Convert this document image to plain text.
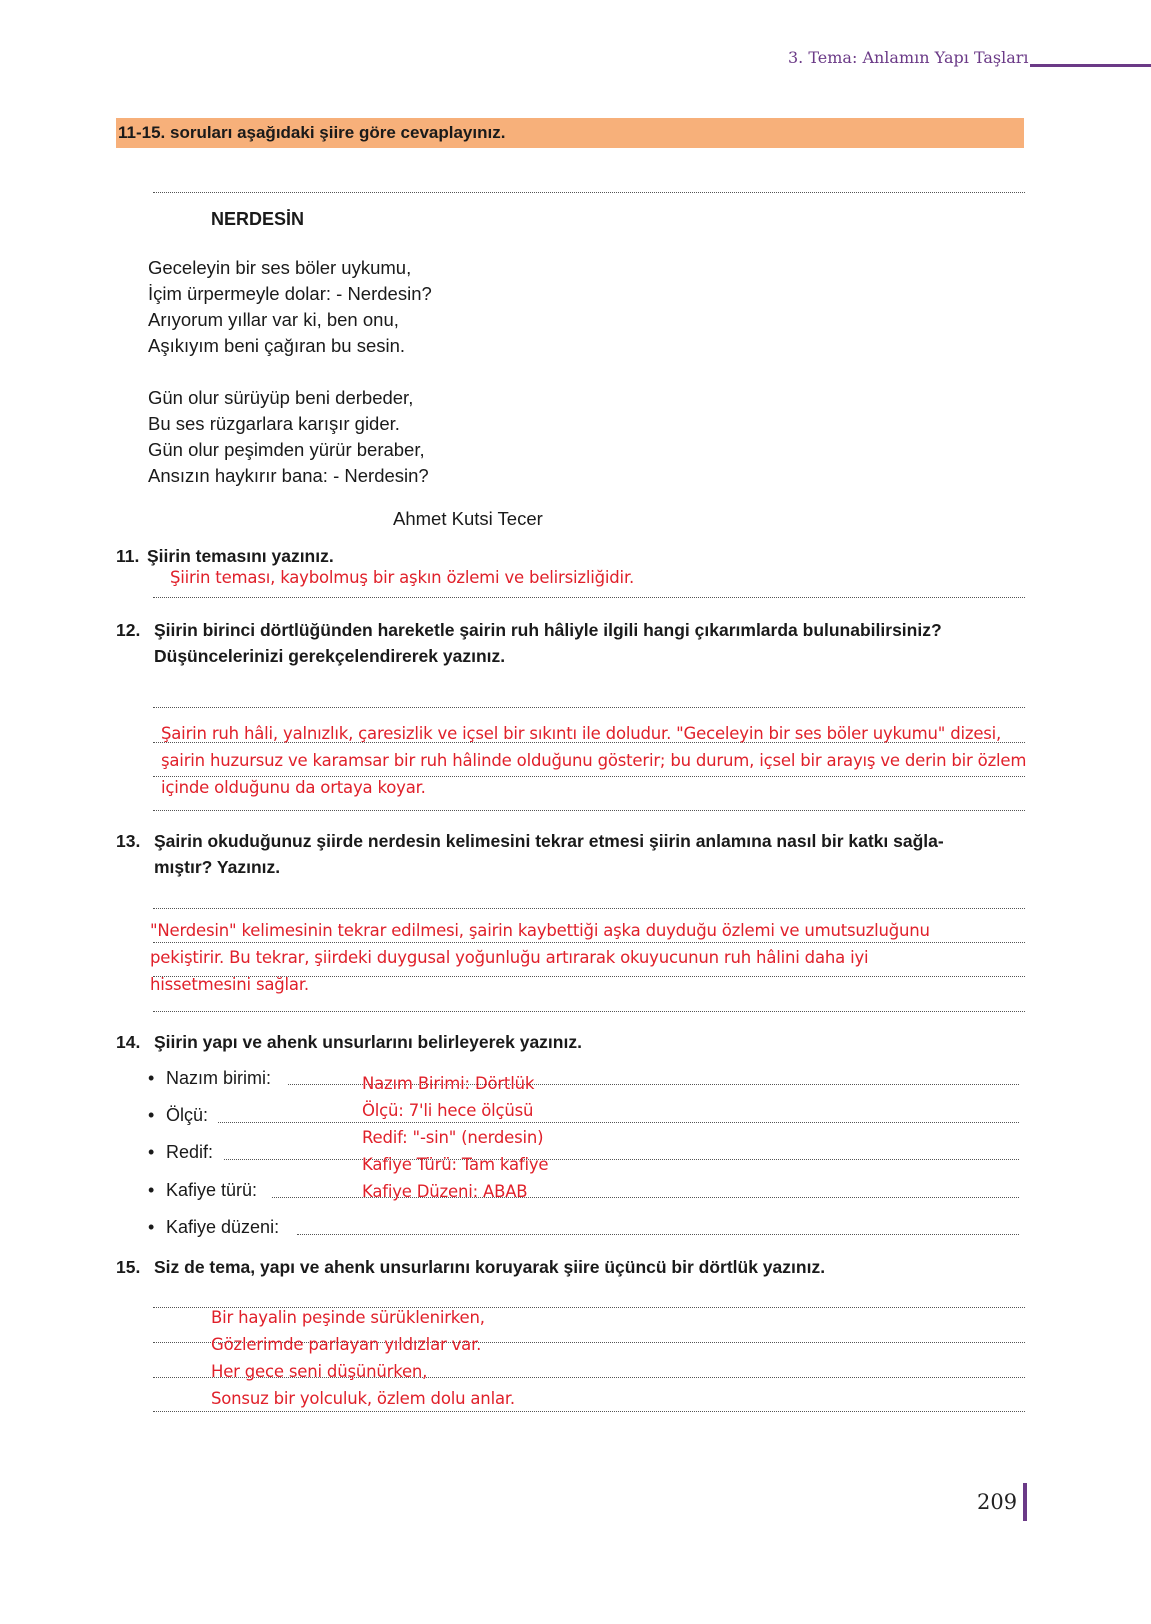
3. Tema: Anlamın Yapı Taşları
11-15. soruları aşağıdaki şiire göre cevaplayınız.
NERDESİN
Geceleyin bir ses böler uykumu,
İçim ürpermeyle dolar: - Nerdesin?
Arıyorum yıllar var ki, ben onu,
Aşıkıyım beni çağıran bu sesin.
Gün olur sürüyüp beni derbeder,
Bu ses rüzgarlara karışır gider.
Gün olur peşimden yürür beraber,
Ansızın haykırır bana: - Nerdesin?
Ahmet Kutsi Tecer
11. Şiirin temasını yazınız.
Şiirin teması, kaybolmuş bir aşkın özlemi ve belirsizliğidir.
12. Şiirin birinci dörtlüğünden hareketle şairin ruh hâliyle ilgili hangi çıkarımlarda bulunabilirsiniz?
Düşüncelerinizi gerekçelendirerek yazınız.
Şairin ruh hâli, yalnızlık, çaresizlik ve içsel bir sıkıntı ile doludur. "Geceleyin bir ses böler uykumu" dizesi,
şairin huzursuz ve karamsar bir ruh hâlinde olduğunu gösterir; bu durum, içsel bir arayış ve derin bir özlem
içinde olduğunu da ortaya koyar.
13. Şairin okuduğunuz şiirde nerdesin kelimesini tekrar etmesi şiirin anlamına nasıl bir katkı sağla-
mıştır? Yazınız.
"Nerdesin" kelimesinin tekrar edilmesi, şairin kaybettiği aşka duyduğu özlemi ve umutsuzluğunu
pekiştirir. Bu tekrar, şiirdeki duygusal yoğunluğu artırarak okuyucunun ruh hâlini daha iyi
hissetmesini sağlar.
14. Şiirin yapı ve ahenk unsurlarını belirleyerek yazınız.
• Nazım birimi:
• Ölçü:
• Redif:
• Kafiye türü:
• Kafiye düzeni:
Nazım Birimi: Dörtlük
Ölçü: 7'li hece ölçüsü
Redif: "-sin" (nerdesin)
Kafiye Türü: Tam kafiye
Kafiye Düzeni: ABAB
15. Siz de tema, yapı ve ahenk unsurlarını koruyarak şiire üçüncü bir dörtlük yazınız.
Bir hayalin peşinde sürüklenirken,
Gözlerimde parlayan yıldızlar var.
Her gece seni düşünürken,
Sonsuz bir yolculuk, özlem dolu anlar.
209
